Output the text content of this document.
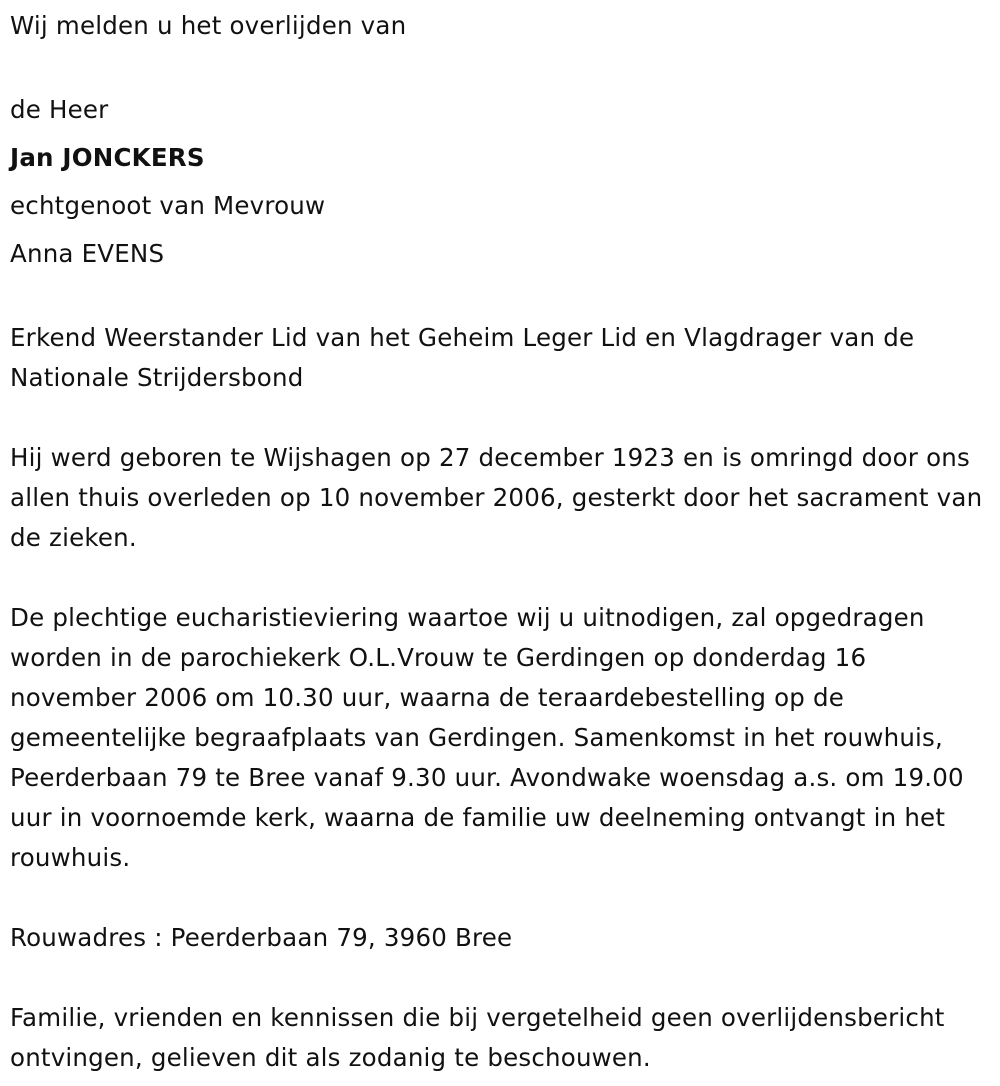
Wij melden u het overlijden van

de Heer

Jan JONCKERS

echtgenoot van Mevrouw

Anna EVENS

Erkend Weerstander Lid van het Geheim Leger Lid en Vlagdrager van de Nationale Strijdersbond

Hij werd geboren te Wijshagen op 27 december 1923 en is omringd door ons allen thuis overleden op 10 november 2006, gesterkt door het sacrament van de zieken.

De plechtige eucharistieviering waartoe wij u uitnodigen, zal opgedragen worden in de parochiekerk O.L.Vrouw te Gerdingen op donderdag 16 november 2006 om 10.30 uur, waarna de teraardebestelling op de gemeentelijke begraafplaats van Gerdingen. Samenkomst in het rouwhuis, Peerderbaan 79 te Bree vanaf 9.30 uur. Avondwake woensdag a.s. om 19.00 uur in voornoemde kerk, waarna de familie uw deelneming ontvangt in het rouwhuis.

Rouwadres : Peerderbaan 79, 3960 Bree

Familie, vrienden en kennissen die bij vergetelheid geen overlijdensbericht ontvingen, gelieven dit als zodanig te beschouwen.
